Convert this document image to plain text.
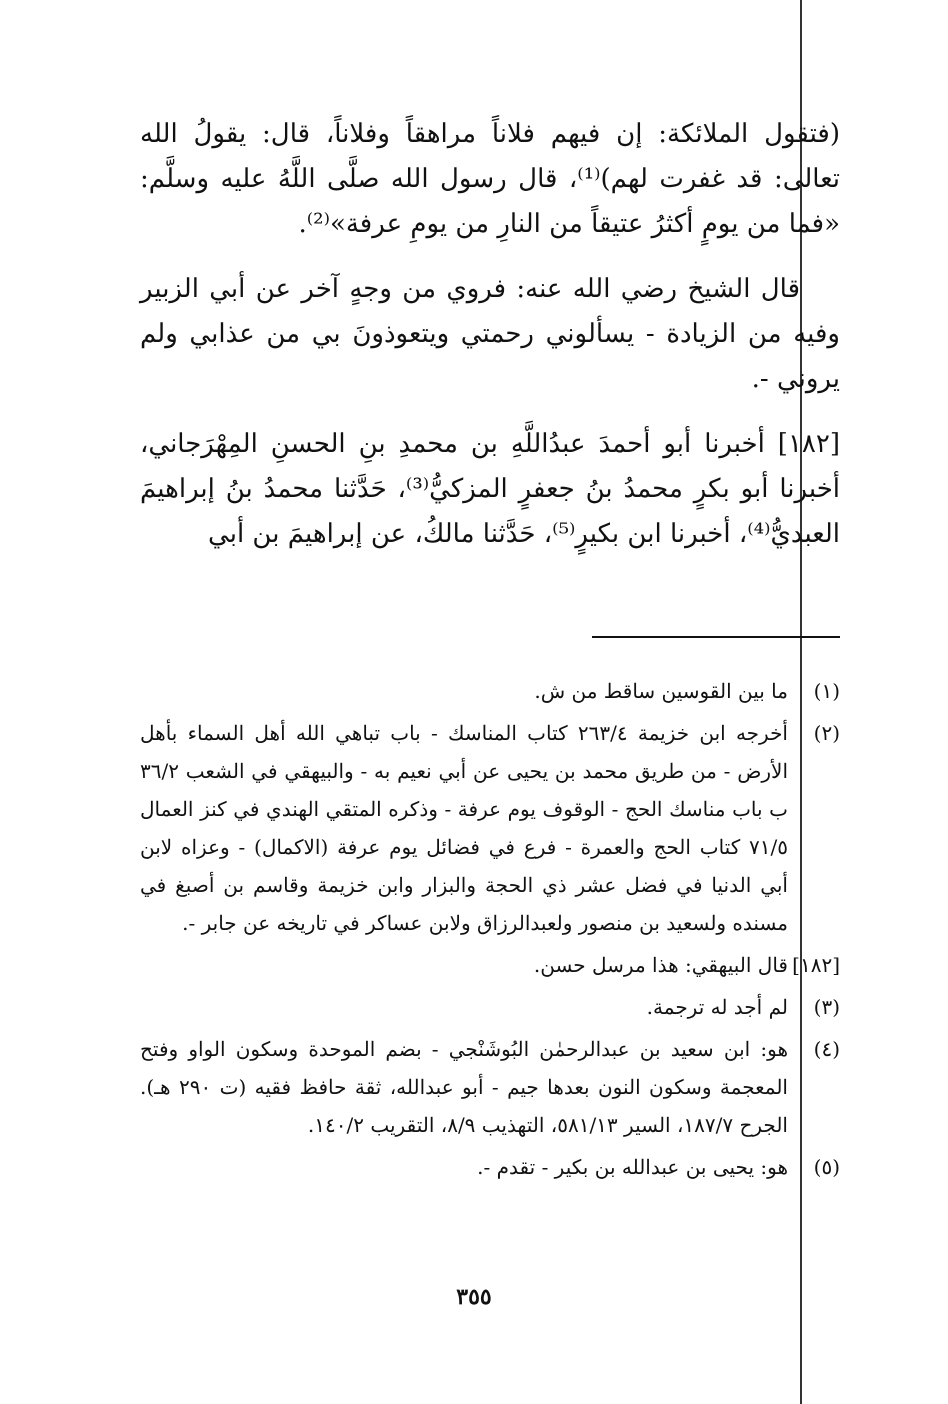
(فتقول الملائكة: إن فيهم فلاناً مراهقاً وفلاناً، قال: يقولُ الله تعالى: قد غفرت لهم)⁽¹⁾، قال رسول الله صلَّى اللَّهُ عليه وسلَّم: «فما من يومٍ أكثرُ عتيقاً من النارِ من يومِ عرفة»⁽²⁾.

قال الشيخ رضي الله عنه: فروي من وجهٍ آخر عن أبي الزبير وفيه من الزيادة - يسألوني رحمتي ويتعوذونَ بي من عذابي ولم يروني -.

[١٨٢] أخبرنا أبو أحمدَ عبدُاللَّهِ بن محمدِ بنِ الحسنِ المِهْرَجاني، أخبرنا أبو بكرٍ محمدُ بنُ جعفرٍ المزكيُّ⁽³⁾، حَدَّثنا محمدُ بنُ إبراهيمَ العبديُّ⁽⁴⁾، أخبرنا ابن بكيرٍ⁽⁵⁾، حَدَّثنا مالكُ، عن إبراهيمَ بن أبي

(١)
ما بين القوسين ساقط من ش.
(٢)
أخرجه ابن خزيمة ٢٦٣/٤ كتاب المناسك - باب تباهي الله أهل السماء بأهل الأرض - من طريق محمد بن يحيى عن أبي نعيم به - والبيهقي في الشعب ٣٦/٢ ب باب مناسك الحج - الوقوف يوم عرفة - وذكره المتقي الهندي في كنز العمال ٧١/٥ كتاب الحج والعمرة - فرع في فضائل يوم عرفة (الاكمال) - وعزاه لابن أبي الدنيا في فضل عشر ذي الحجة والبزار وابن خزيمة وقاسم بن أصبغ في مسنده ولسعيد بن منصور ولعبدالرزاق ولابن عساكر في تاريخه عن جابر -.
[١٨٢]
قال البيهقي: هذا مرسل حسن.
(٣)
لم أجد له ترجمة.
(٤)
هو: ابن سعيد بن عبدالرحمٰن البُوشَنْجي - بضم الموحدة وسكون الواو وفتح المعجمة وسكون النون بعدها جيم - أبو عبدالله، ثقة حافظ فقيه (ت ٢٩٠ هـ). الجرح ١٨٧/٧، السير ٥٨١/١٣، التهذيب ٨/٩، التقريب ١٤٠/٢.
(٥)
هو: يحيى بن عبدالله بن بكير - تقدم -.
٣٥٥
